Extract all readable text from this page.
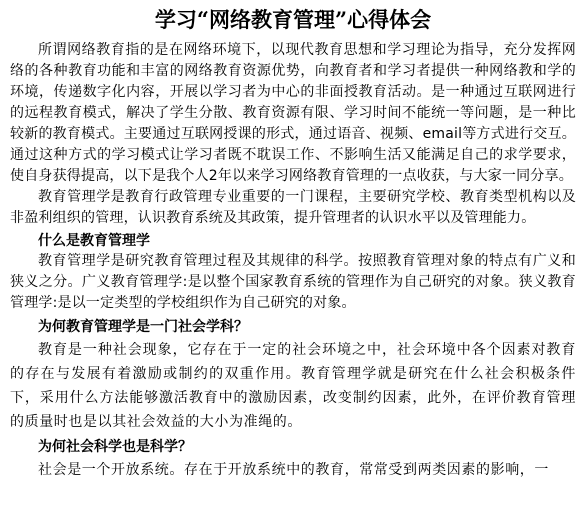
学习“网络教育管理”心得体会

所谓网络教育指的是在网络环境下，以现代教育思想和学习理论为指导，充分发挥网络的各种教育功能和丰富的网络教育资源优势，向教育者和学习者提供一种网络教和学的环境，传递数字化内容，开展以学习者为中心的非面授教育活动。是一种通过互联网进行的远程教育模式，解决了学生分散、教育资源有限、学习时间不能统一等问题，是一种比较新的教育模式。主要通过互联网授课的形式，通过语音、视频、email等方式进行交互。通过这种方式的学习模式让学习者既不耽误工作、不影响生活又能满足自己的求学要求，使自身获得提高，以下是我个人2年以来学习网络教育管理的一点收获，与大家一同分享。

教育管理学是教育行政管理专业重要的一门课程，主要研究学校、教育类型机构以及非盈利组织的管理，认识教育系统及其政策，提升管理者的认识水平以及管理能力。

什么是教育管理学

教育管理学是研究教育管理过程及其规律的科学。按照教育管理对象的特点有广义和狭义之分。广义教育管理学:是以整个国家教育系统的管理作为自己研究的对象。狭义教育管理学:是以一定类型的学校组织作为自己研究的对象。

为何教育管理学是一门社会学科？

教育是一种社会现象，它存在于一定的社会环境之中，社会环境中各个因素对教育的存在与发展有着激励或制约的双重作用。教育管理学就是研究在什么社会积极条件下，采用什么方法能够激活教育中的激励因素，改变制约因素，此外，在评价教育管理的质量时也是以其社会效益的大小为准绳的。

为何社会科学也是科学？

社会是一个开放系统。存在于开放系统中的教育，常常受到两类因素的影响，一
